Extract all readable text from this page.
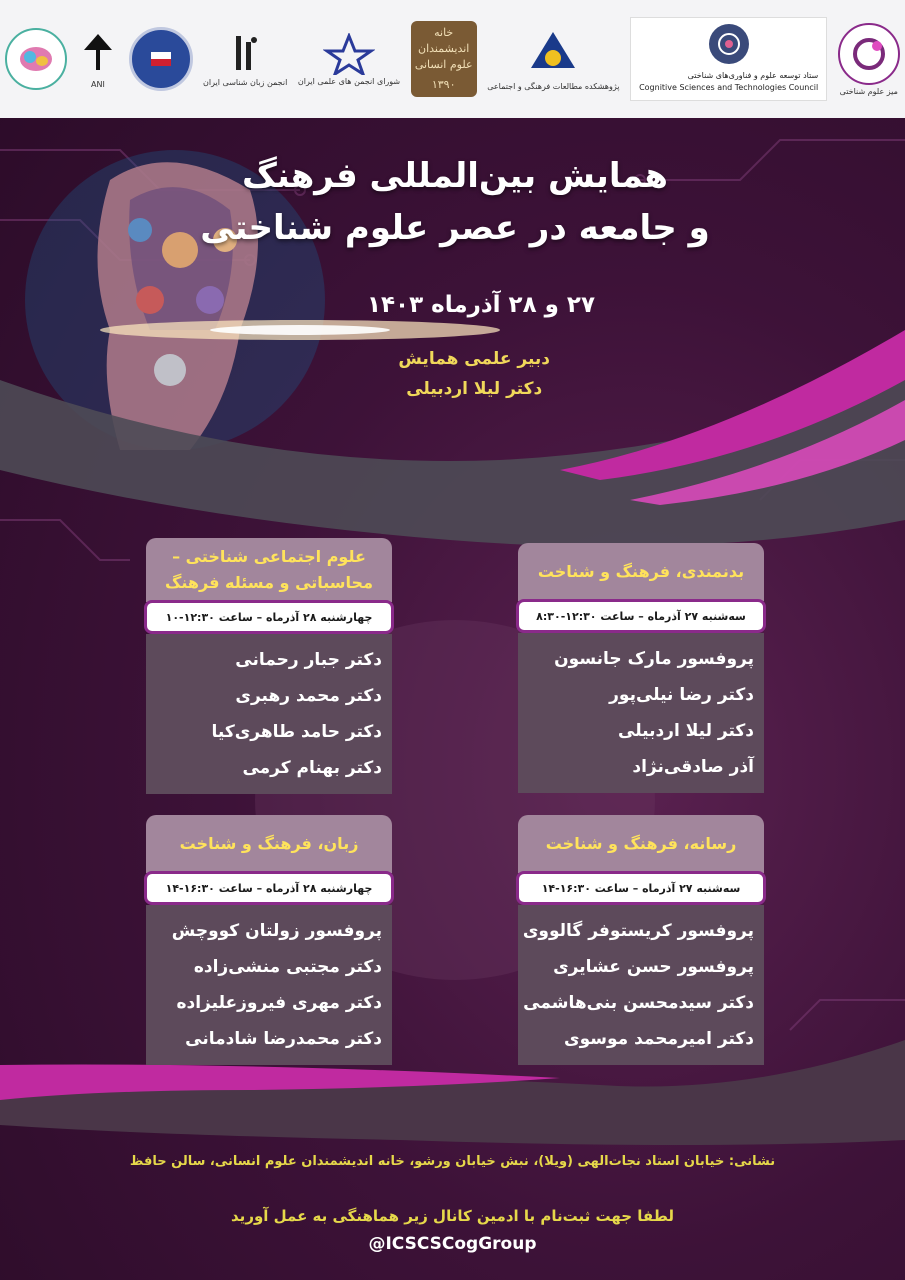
میز علوم شناختی
ستاد توسعه علوم و فناوری‌های شناختی
Cognitive Sciences and Technologies Council
پژوهشکده مطالعات فرهنگی و اجتماعی
خانه اندیشمندان علوم انسانی
۱۳۹۰
شورای انجمن های علمی ایران
انجمن زبان شناسی ایران
ANI
همایش بین‌المللی فرهنگ
و جامعه در عصر علوم شناختی
۲۷ و ۲۸ آذرماه ۱۴۰۳
دبیر علمی همایش
دکتر لیلا اردبیلی
بدنمندی، فرهنگ و شناخت
سه‌شنبه ۲۷ آذرماه – ساعت ۱۲:۳۰-۸:۳۰
پروفسور مارک جانسون
دکتر رضا نیلی‌پور
دکتر لیلا اردبیلی
آذر صادقی‌نژاد
علوم اجتماعی شناختی –
محاسباتی و مسئله فرهنگ
چهارشنبه ۲۸ آذرماه – ساعت ۱۲:۳۰-۱۰
دکتر جبار رحمانی
دکتر محمد رهبری
دکتر حامد طاهری‌کیا
دکتر بهنام کرمی
رسانه، فرهنگ و شناخت
سه‌شنبه ۲۷ آذرماه – ساعت ۱۶:۳۰-۱۴
پروفسور کریستوفر گالووی
پروفسور حسن عشایری
دکتر سیدمحسن بنی‌هاشمی
دکتر امیرمحمد موسوی
زبان، فرهنگ و شناخت
چهارشنبه ۲۸ آذرماه – ساعت ۱۶:۳۰-۱۴
پروفسور زولتان کووچش
دکتر مجتبی منشی‌زاده
دکتر مهری فیروزعلیزاده
دکتر محمدرضا شادمانی
نشانی: خیابان استاد نجات‌الهی (ویلا)، نبش خیابان ورشو، خانه اندیشمندان علوم انسانی، سالن حافظ
لطفا جهت ثبت‌نام با ادمین کانال زیر هماهنگی به عمل آورید
@ICSCSCogGroup
